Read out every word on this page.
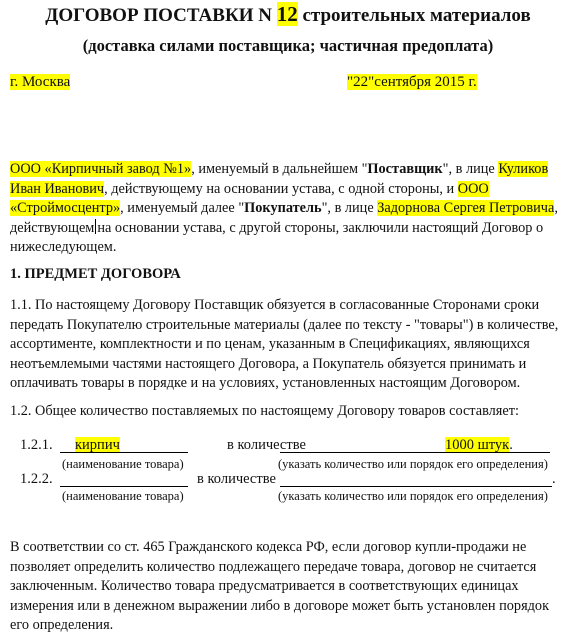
ДОГОВОР ПОСТАВКИ N 12 строительных материалов
(доставка силами поставщика; частичная предоплата)
г. Москва	"22"сентября 2015 г.
ООО «Кирпичный завод №1», именуемый в дальнейшем "Поставщик", в лице Куликов Иван Иванович, действующему на основании устава, с одной стороны, и ООО «Строймосцентр», именуемый далее "Покупатель", в лице Задорнова Сергея Петровича, действующем на основании устава, с другой стороны, заключили настоящий Договор о нижеследующем.
1. ПРЕДМЕТ ДОГОВОРА
1.1. По настоящему Договору Поставщик обязуется в согласованные Сторонами сроки передать Покупателю строительные материалы (далее по тексту - "товары") в количестве, ассортименте, комплектности и по ценам, указанным в Спецификациях, являющихся неотъемлемыми частями настоящего Договора, а Покупатель обязуется принимать и оплачивать товары в порядке и на условиях, установленных настоящим Договором.
1.2. Общее количество поставляемых по настоящему Договору товаров составляет:
1.2.1. кирпич	в количестве	1000 штук.
(наименование товара)	(указать количество или порядок его определения)
1.2.2.	в количестве	.
(наименование товара)	(указать количество или порядок его определения)
В соответствии со ст. 465 Гражданского кодекса РФ, если договор купли-продажи не позволяет определить количество подлежащего передаче товара, договор не считается заключенным. Количество товара предусматривается в соответствующих единицах измерения или в денежном выражении либо в договоре может быть установлен порядок его определения.
